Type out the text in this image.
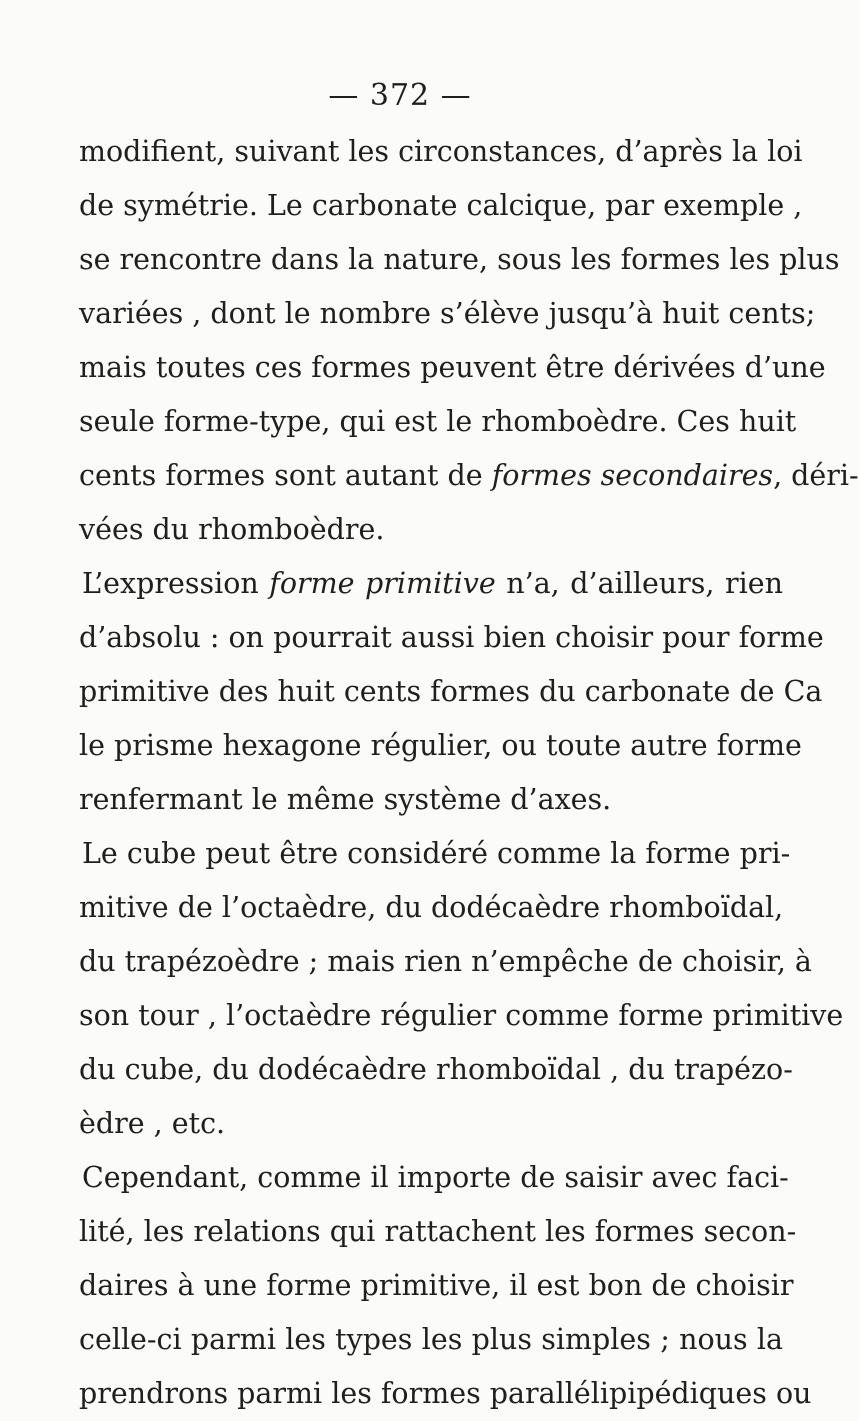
— 372 —
modifient, suivant les circonstances, d’après la loi
de symétrie. Le carbonate calcique, par exemple ,
se rencontre dans la nature, sous les formes les plus
variées , dont le nombre s’élève jusqu’à huit cents;
mais toutes ces formes peuvent être dérivées d’une
seule forme-type, qui est le rhomboèdre. Ces huit
cents formes sont autant de formes secondaires, déri-
vées du rhomboèdre.
L’expression forme primitive n’a, d’ailleurs, rien
d’absolu : on pourrait aussi bien choisir pour forme
primitive des huit cents formes du carbonate de Ca
le prisme hexagone régulier, ou toute autre forme
renfermant le même système d’axes.
Le cube peut être considéré comme la forme pri-
mitive de l’octaèdre, du dodécaèdre rhomboïdal,
du trapézoèdre ; mais rien n’empêche de choisir, à
son tour , l’octaèdre régulier comme forme primitive
du cube, du dodécaèdre rhomboïdal , du trapézo-
èdre , etc.
Cependant, comme il importe de saisir avec faci-
lité, les relations qui rattachent les formes secon-
daires à une forme primitive, il est bon de choisir
celle-ci parmi les types les plus simples ; nous la
prendrons parmi les formes parallélipipédiques ou
